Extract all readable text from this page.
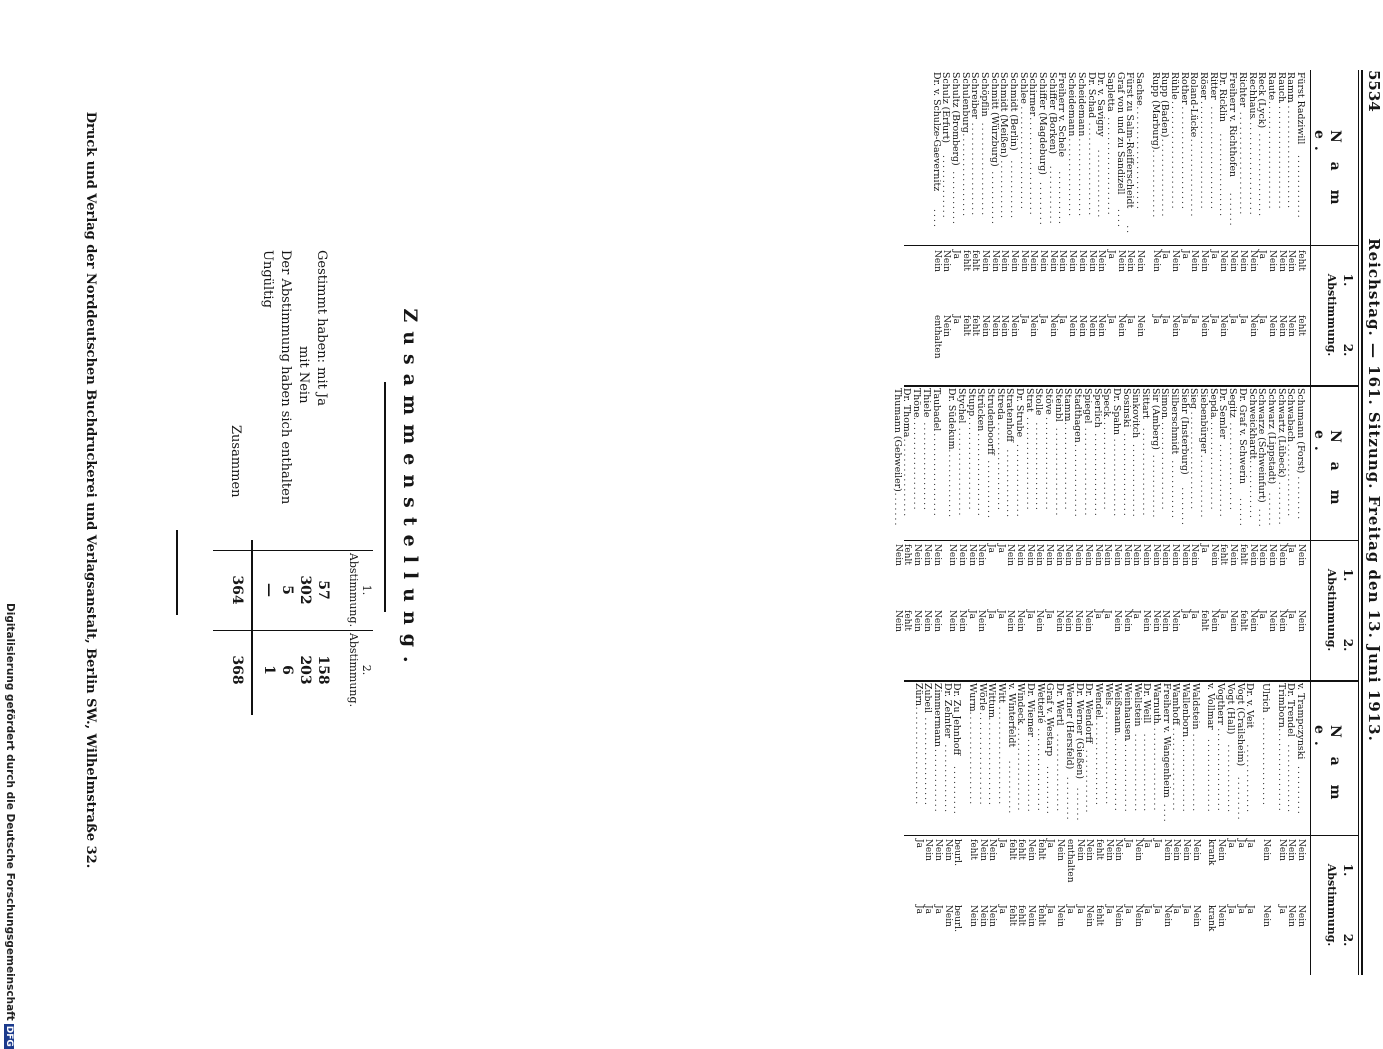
5534
Reichstag. — 161. Sitzung. Freitag den 13. Juni 1913.
N a m e.
1.
2.
Abstimmung.
N a m e.
1.
2.
Abstimmung.
N a m e.
1.
2.
Abstimmung.
Fürst Radziwill
fehlt
fehlt
.............
Ramm
Nein
Nein
.......................
Rauch
Nein
Nein
......................
Raute
Nein
Nein
......................
Reck (Lyck)
Ja
Ja
.................
Rechhaus
Nein
Nein
....................
Richter
Nein
Ja
.....................
Freiherr v. Richthofen
Nein
Ja
.......
Dr. Ricklin
Nein
Nein
.................
Ritter
Ja
Ja
.....................
Röser
Nein
Nein
......................
Roland-Lücke
Nein
Ja
................
Rother
Ja
Ja
.....................
Rühle
Nein
Nein
......................
Rupp (Baden)
Ja
Ja
................
Rupp (Marburg)
Nein
Ja
..............
Sachse
Nein
Nein
.....................
Fürst zu Salm-Reifferscheidt
Nein
Ja
..
Graf von und zu Sandizell
Nein
Nein
....
Sapletta
Ja
Ja
....................
Dr. v. Savigny
Nein
Nein
..............
Dr. Schad
Nein
Nein
...................
Scheidemann
Nein
Nein
.................
Scheidemann
Nein
Nein
.................
Freiherr v. Schele
Nein
Ja
...........
Schiffer (Borken)
Nein
Nein
............
Schiffer (Magdeburg)
Nein
Ja
.........
Schirmer
Nein
Nein
....................
Schlee
Nein
Ja
.....................
Schmidt (Berlin)
Nein
Nein
............
Schmidt (Meißen)
Nein
Nein
............
Schmitt (Würzburg)
Nein
Nein
...........
Schöpflin
Nein
Nein
...................
Schreiber
fehlt
fehlt
...................
Schulenburg
fehlt
fehlt
.................
Schultz (Bromberg)
Ja
Ja
...........
Schulz (Erfurt)
Nein
Nein
.............
Dr. v. Schulze-Gaevernitz
Nein
enthalten
....
Schumann (Forst)
Nein
Nein
.........
Schwabach
Ja
Ja
................
Schwartz (Lübeck)
Nein
Nein
.........
Schwarz (Lippstadt)
Nein
Nein
.......
Schwarze (Schweinfurt)
Nein
Ja
....
Schweickhardt
Nein
Nein
............
Dr. Graf v. Schwerin
fehlt
fehlt
......
Segitz
Nein
Nein
..................
Dr. Semler
fehlt
Ja
...............
Sepda
Nein
Nein
...................
Siebenbürger
Ja
fehlt
.............
Sieg
Nein
Ja
....................
Siehr (Insterburg)
Nein
Ja
........
Silberschmidt
Nein
Nein
............
Simon
Nein
Nein
...................
Sir (Amberg)
Nein
Nein
.............
Sittart
Nein
Nein
..................
Sinkovitch
Nein
Ja
...............
Sosinski
Nein
Nein
.................
Dr. Spahn
Nein
Nein
................
Speck
Nein
Ja
...................
Sperlich
Nein
Ja
.................
Spiegel
Nein
Nein
..................
Stadthagen
Nein
Nein
...............
Stamm
Nein
Nein
...................
Steinbl
Nein
Nein
..................
Stöve
Nein
Ja
...................
Stolle
Nein
Nein
..................
Strat
Nein
Ja
...................
Dr. Strube
Nein
Nein
...............
Stratenhoff
Nein
Nein
..............
Streda
Ja
Ja
..................
Strudenboorff
Ja
Ja
............
Strücken
Nein
Nein
.................
Stupp
Nein
Ja
...................
Stychel
Nein
Nein
..................
Dr. Südekum
Nein
Nein
..............
Taubadel
Nein
Nein
.................
Thiele
Nein
Nein
..................
Thöne
Nein
Nein
...................
Dr. Thoma
fehlt
fehlt
................
Thumann (Gebweiler)
Nein
Nein
.......
v. Trampczynski
Nein
Nein
..........
Dr. Trendel
Nein
Nein
..............
Trimborn
Nein
Ja
.................
Ulrich
Nein
Nein
..................
Dr. v. Veit
Ja
Ja
..............
Vogt (Crailsheim)
Ja
Ja
.........
Vogt (Hall)
Ja
Ja
..............
Vogtherr
Nein
Nein
.................
v. Vollmar
krank
krank
...............
Waldstein
Nein
Nein
................
Wallenborn
Nein
Ja
...............
Wamhoff
Nein
Ja
..................
Freiherr v. Wangenheim
Nein
Nein
....
Warnuth
Ja
Ja
..................
Dr. Weill
Ja
Ja
................
Wellstein
Nein
Nein
................
Weinhausen
Ja
Ja
...............
Weißmann
Nein
Nein
.................
Wels
Nein
Ja
....................
Wendel
fehlt
fehlt
..................
Dr. Wendorff
Nein
Nein
.............
Dr. Werner (Gießen)
Nein
Ja
.......
Werner (Hersfeld)
enthalten
Ja
.........
Dr. Wertl
Nein
Nein
................
Graf v. Westarp
Ja
Ja
..........
Wetterlé
fehlt
fehlt
.................
Dr. Wiemer
Nein
Nein
...............
Windeck
fehlt
fehlt
..................
v. Winterfeldt
fehlt
fehlt
...........
Witt
Ja
Ja
....................
Wittum
Nein
Nein
..................
Wörle
Nein
Nein
...................
Wurm
fehlt
Nein
....................
Dr. Zu Jehnhoff
beurl.
beurl.
..........
Dr. Zehnter
Nein
Nein
..............
Zimmermann
Nein
Ja
...............
Zubeil
Nein
Ja
..................
Zürn
Ja
Ja
....................
Zusammenstellung.
1.
Abstimmung.
2.
Abstimmung.
Gestimmt haben: mit Ja
57
158
mit Nein
302
203
Der Abstimmung haben sich enthalten
5
6
Ungültig
—
1
Zusammen
364
368
Druck und Verlag der Norddeutschen Buchdruckerei und Verlagsanstalt, Berlin SW., Wilhelmstraße 32.
Digitalisierung gefördert durch die Deutsche ForschungsgemeinschaftDFG
